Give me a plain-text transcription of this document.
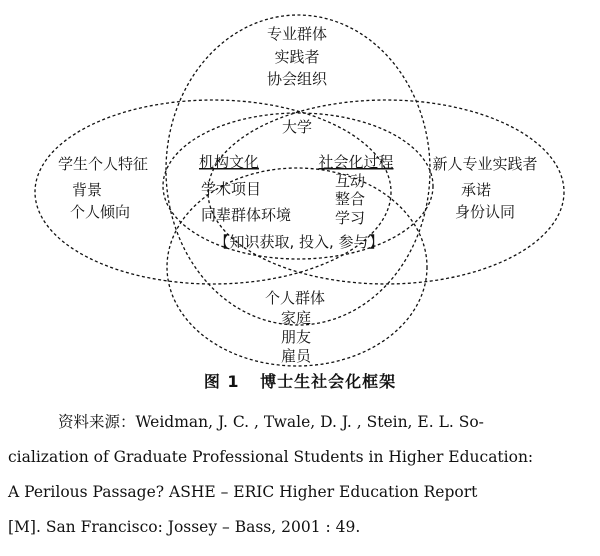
专业群体
实践者
协会组织
学生个人特征
背景
个人倾向
新人专业实践者
承诺
身份认同
大学
机构文化
学术项目
同辈群体环境
社会化过程
互动
整合
学习
【知识获取, 投入, 参与】
个人群体
家庭
朋友
雇员
图 1 博士生社会化框架
资料来源：Weidman, J. C. , Twale, D. J. , Stein, E. L. So-
cialization of Graduate Professional Students in Higher Education:
A Perilous Passage? ASHE – ERIC Higher Education Report
[M]. San Francisco: Jossey – Bass, 2001 : 49.
